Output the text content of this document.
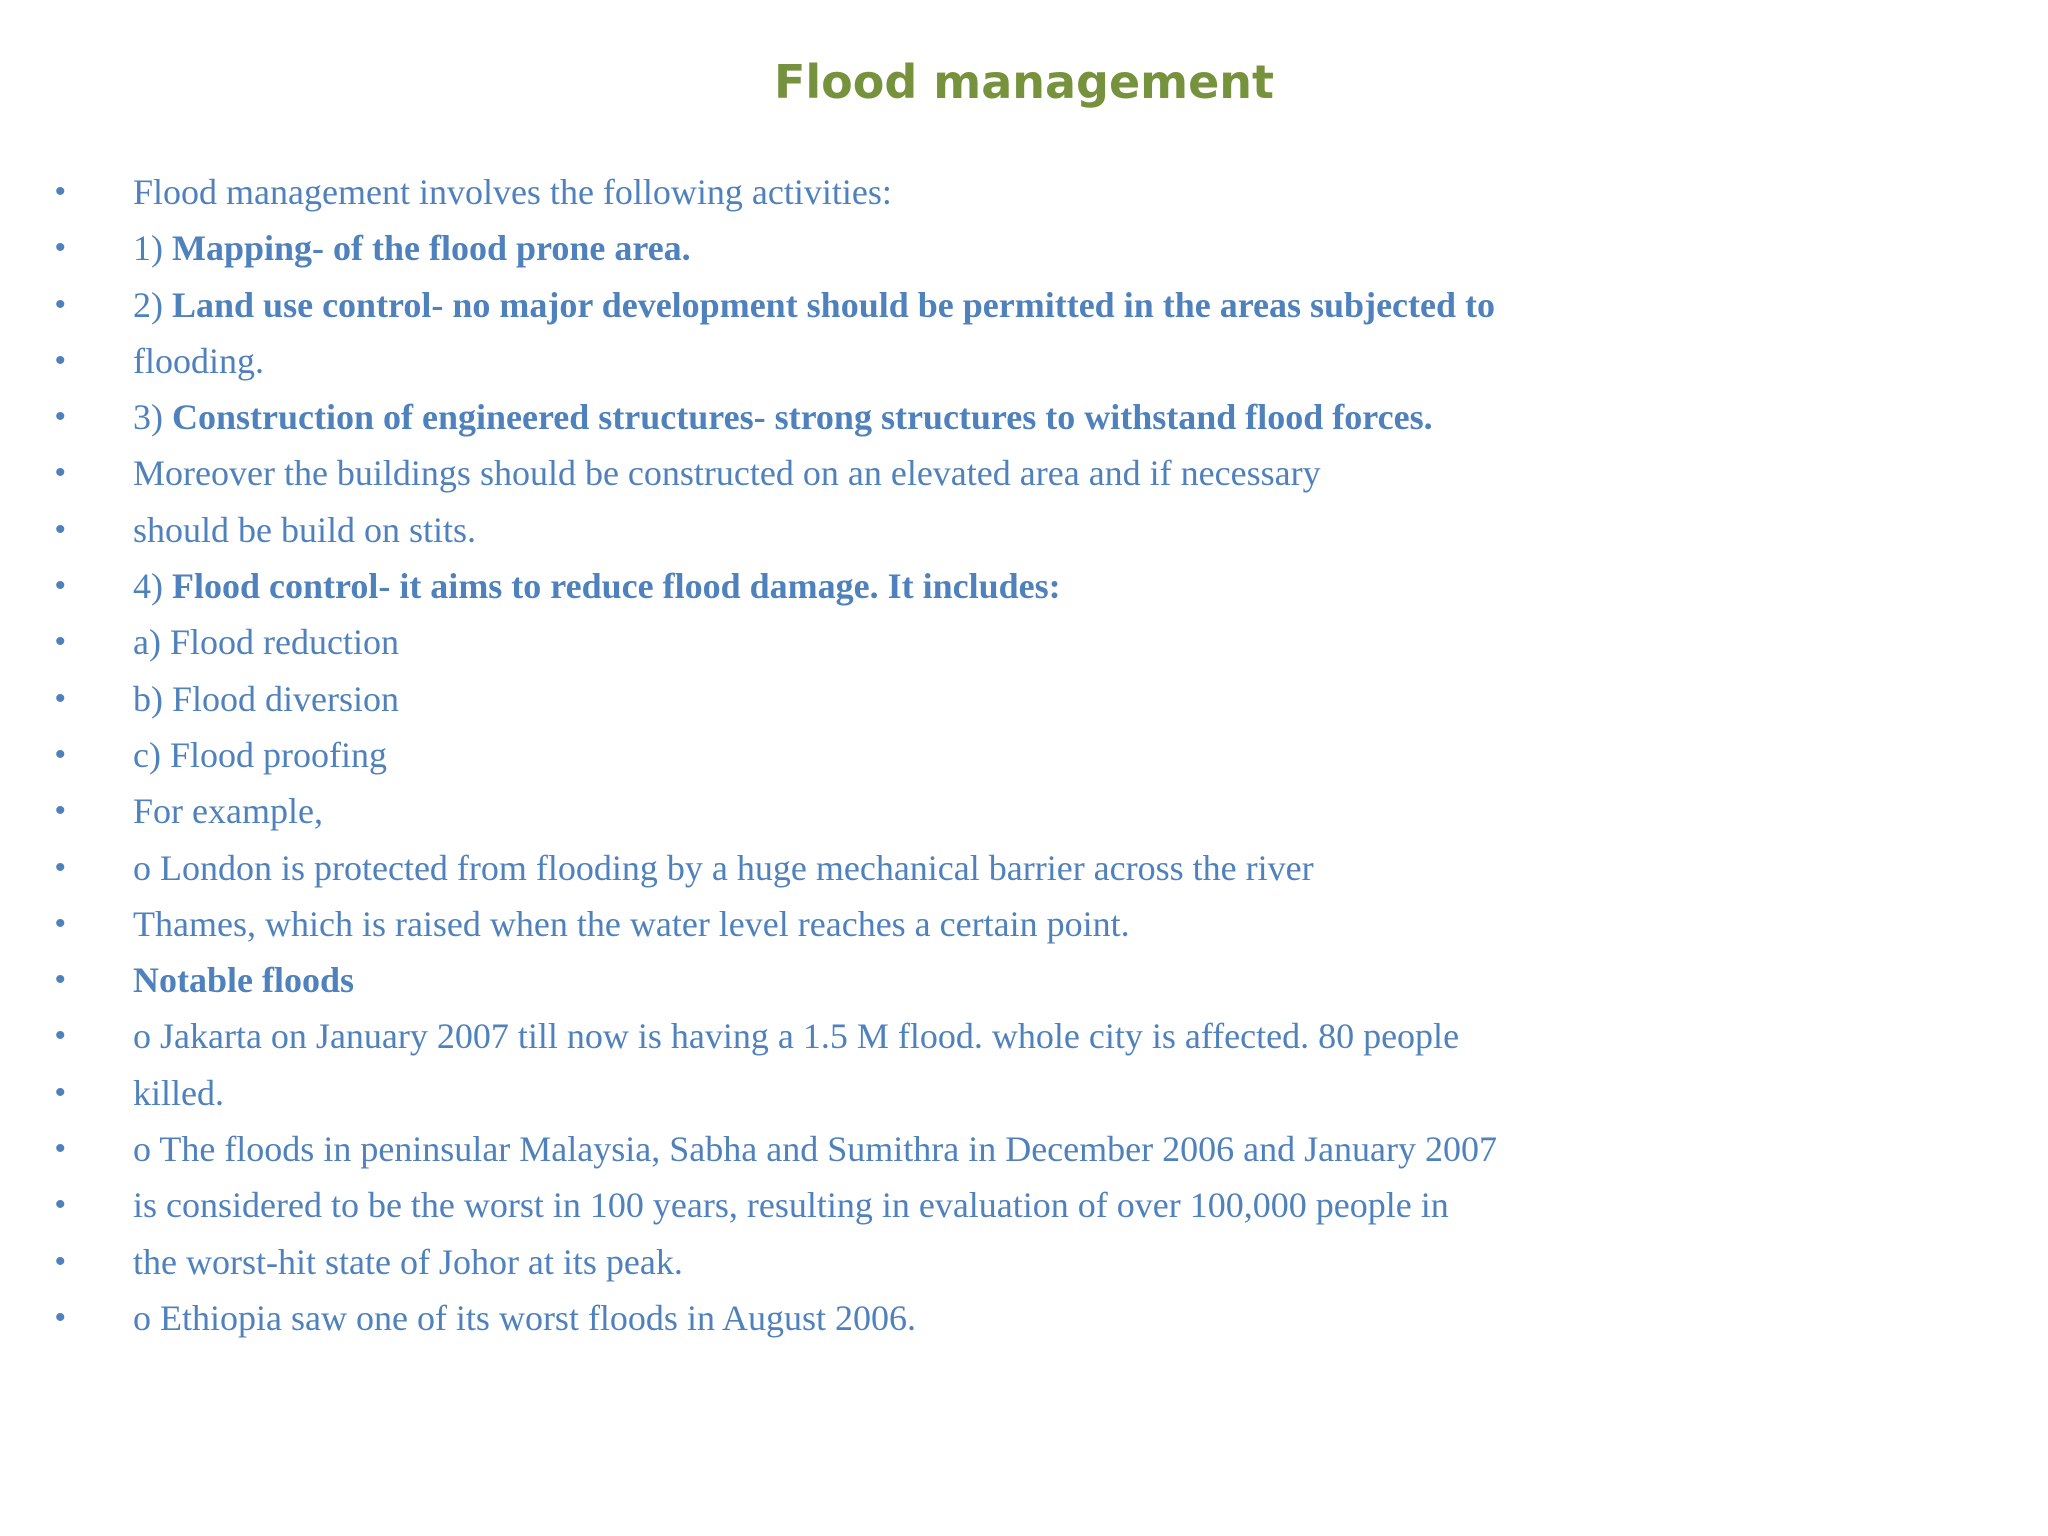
Flood management
• Flood management involves the following activities:
• 1) Mapping- of the flood prone area.
• 2) Land use control- no major development should be permitted in the areas subjected to
• flooding.
• 3) Construction of engineered structures- strong structures to withstand flood forces.
• Moreover the buildings should be constructed on an elevated area and if necessary
• should be build on stits.
• 4) Flood control- it aims to reduce flood damage. It includes:
• a) Flood reduction
• b) Flood diversion
• c) Flood proofing
• For example,
• o London is protected from flooding by a huge mechanical barrier across the river
• Thames, which is raised when the water level reaches a certain point.
• Notable floods
• o Jakarta on January 2007 till now is having a 1.5 M flood. whole city is affected. 80 people
• killed.
• o The floods in peninsular Malaysia, Sabha and Sumithra in December 2006 and January 2007
• is considered to be the worst in 100 years, resulting in evaluation of over 100,000 people in
• the worst-hit state of Johor at its peak.
• o Ethiopia saw one of its worst floods in August 2006.
